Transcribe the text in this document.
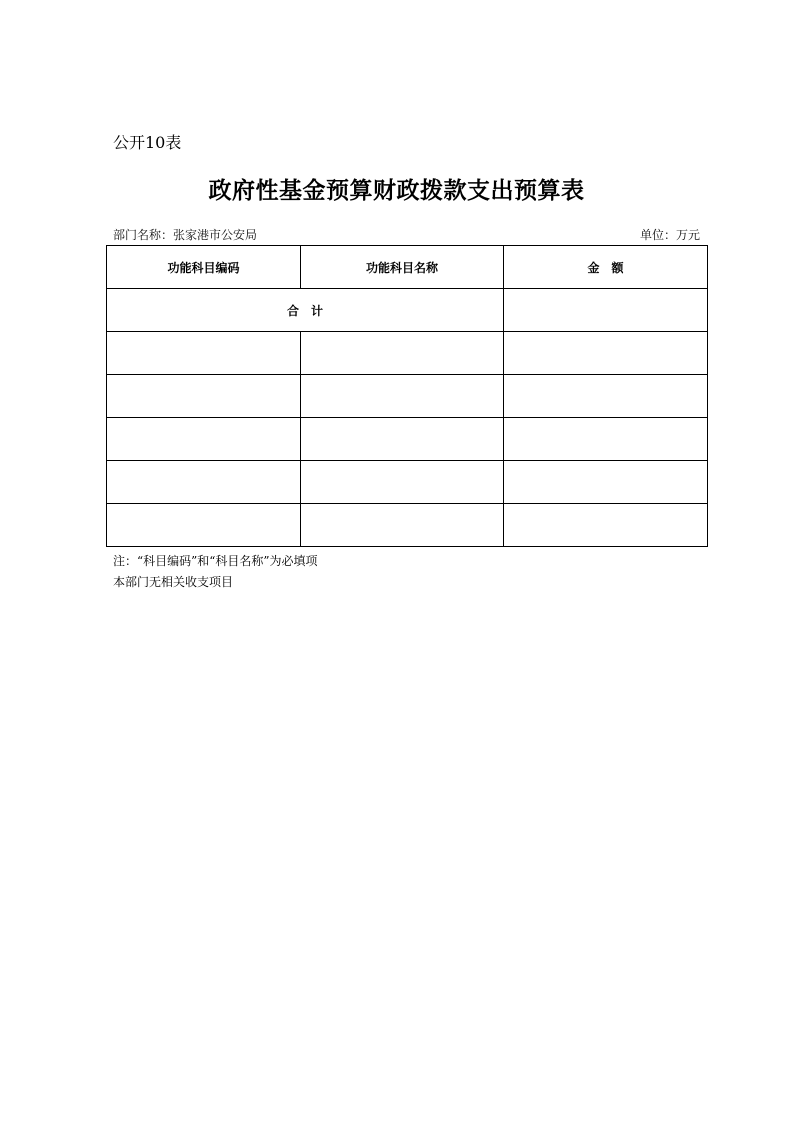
公开10表
政府性基金预算财政拨款支出预算表
部门名称：张家港市公安局	单位：万元
功能科目编码	功能科目名称	金　额
合　计		

注：“科目编码”和“科目名称”为必填项
本部门无相关收支项目
